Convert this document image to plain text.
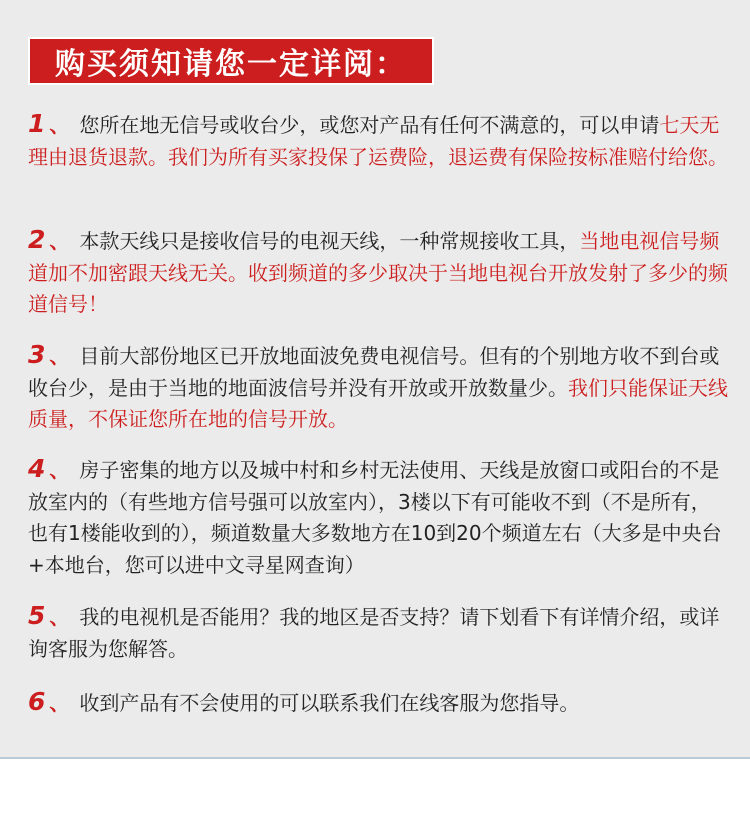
购买须知请您一定详阅：
1 、 您所在地无信号或收台少，或您对产品有任何不满意的，可以申请七天无理由退货退款。我们为所有买家投保了运费险，退运费有保险按标准赔付给您。
2 、 本款天线只是接收信号的电视天线，一种常规接收工具，当地电视信号频道加不加密跟天线无关。收到频道的多少取决于当地电视台开放发射了多少的频道信号！
3 、 目前大部份地区已开放地面波免费电视信号。但有的个别地方收不到台或收台少，是由于当地的地面波信号并没有开放或开放数量少。我们只能保证天线质量，不保证您所在地的信号开放。
4 、 房子密集的地方以及城中村和乡村无法使用、天线是放窗口或阳台的不是放室内的（有些地方信号强可以放室内），3楼以下有可能收不到（不是所有，也有1楼能收到的），频道数量大多数地方在10到20个频道左右（大多是中央台+本地台，您可以进中文寻星网查询）
5 、 我的电视机是否能用？我的地区是否支持？请下划看下有详情介绍，或详询客服为您解答。
6 、 收到产品有不会使用的可以联系我们在线客服为您指导。
